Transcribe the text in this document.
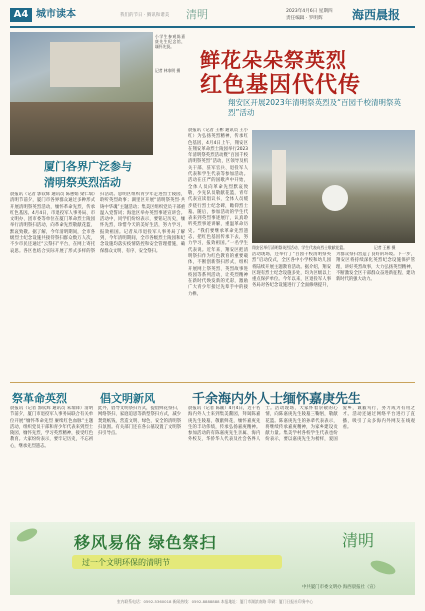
A4 城市读本	我们的节日 · 腾讯和谐美 清明	2023年4月6日 星期四
责任编辑 · 罗明辉 海西晨报
小学生参观陈嘉庚先生纪念馆，缅怀先贤。
记者 林家明 摄 鲜花朵朵祭英烈
红色基因代代传
翔安区开展2023年清明祭英烈及“百园千校清明祭英烈”活动
厦门各界广泛参与
清明祭英烈活动
晨报讯（记者 郭钦辉 通讯员 陈惠娟 梁仁瑞）清明节前夕，厦门市各界群众通过多种形式开展清明祭英烈活动，缅怀革命先烈，传承红色基因。4月4日，市退役军人事务局、市文明办、团市委等单位在厦门革命烈士陵园举行清明祭扫活动，向革命先烈敬献花篮、默哀致敬。据了解，今年清明期间，全市各级烈士纪念设施共接待祭扫群众数万人次，不少市民还通过“云祭扫”平台，在网上寄托哀思。各区也结合实际开展了形式多样的祭扫活动。思明区组织青少年走进烈士陵园，聆听英烈故事；湖里区开展“清明祭英烈·共铸中华魂”主题活动；集美区组织党员干部重温入党誓词；海沧区举办英烈事迹宣讲会。活动中，同学们纷纷表示，要铭记历史，缅怀先烈，珍惜今天的美好生活，努力学习，报效祖国。记者从市退役军人事务局了解到，今年清明期间，全市各级烈士陵园和纪念设施均落实疫情防控和安全管理措施，确保群众文明、有序、安全祭扫。
晨报讯（记者 王彬 通讯员 王小红）为弘扬英烈精神，传承红色基因，4月4日上午，翔安区在翔安革命烈士陵园举行2023年清明祭英烈活动暨“百园千校清明祭英烈”活动，区领导及机关干部、驻军官兵、退役军人代表和学生代表等参加活动。活动在庄严的国歌声中开始，全体人员向革命先烈默哀致敬，少先队员敬献花篮，青年代表宣读倡议书，全体人员缓步绕行烈士纪念碑，瞻仰烈士墓。随后，参加活动的学生代表来到英烈事迹展厅，认真聆听英烈事迹讲解，重温革命历史。“我们要继承革命先烈遗志，把红色基因传承下去，努力学习，报效祖国。”一名学生代表说。近年来，翔安区把清明祭扫作为红色教育的重要载体，不断创新祭扫形式，组织开展网上祭英烈、英烈故事进校园等系列活动，让英烈精神在新时代焕发新的光彩，激励广大青少年接过先辈手中的接力棒。
翔安区举行清明祭英烈活动，学生代表向烈士敬献花篮。	记者 王彬 摄
活动现场，还举行了“百园千校清明祭英烈”启动仪式，全区各中小学校和幼儿园将陆续开展主题教育活动。据介绍，翔安区现有烈士纪念设施多处，均为区级以上重点保护单位。今年以来，区退役军人事务局对各纪念设施进行了全面修缮提升，为群众祭扫营造了良好的环境。下一步，翔安区将持续深化英烈纪念设施保护管理，讲好英烈故事，大力弘扬英烈精神，不断激发全区干部群众奋进新征程、建功新时代的强大动力。
祭革命英烈
晨报讯（记者 郭钦辉 通讯员 朱瑞锋）清明节前夕，厦门市退役军人事务局联合有关单位开展“缅怀革命先烈 赓续红色血脉”主题活动，组织党员干部和青少年代表来到烈士陵园，缅怀先烈，学习英烈精神，接受红色教育。大家纷纷表示，要牢记历史，不忘初心，继承先烈遗志。
倡文明新风
此外，倡导文明祭扫方式，提倡鲜花祭扫、网络祭扫、家庭追思等新型祭扫方式，减少焚烧纸钱，营造文明、绿色、安全的清明祭扫氛围。有关部门还在各公墓设置了文明祭扫引导点。
千余海内外人士缅怀嘉庚先生
晨报讯（记者 陈颖）4月4日，近千名海内外人士来到集美鳌园，拜谒陈嘉庚先生陵墓，敬献鲜花，缅怀嘉庚先生的丰功伟绩，传承弘扬嘉庚精神。参加活动的有陈嘉庚先生亲属、海内外校友、华侨华人代表及社会各界人士。活动现场，大家怀着崇敬的心情，向陈嘉庚先生陵墓三鞠躬，敬献花篮。陈嘉庚先生的孙辈代表表示，将继续传承嘉庚精神，为家乡建设贡献力量。集美学村各校学生代表也纷纷表示，要以嘉庚先生为榜样，爱国爱乡，诚毅笃行，努力成为有用之才。活动还通过网络平台进行了直播，吸引了众多海内外网友在线观看。
移风易俗 绿色祭扫
过一个文明环保的清明节
清明
中共厦门市委文明办 海西晨报社（宣）
室内联系电话：0592-5360018 新闻热线：0592-8888888 本报地址：厦门市湖滨南路 印刷：厦门日报社印务中心
